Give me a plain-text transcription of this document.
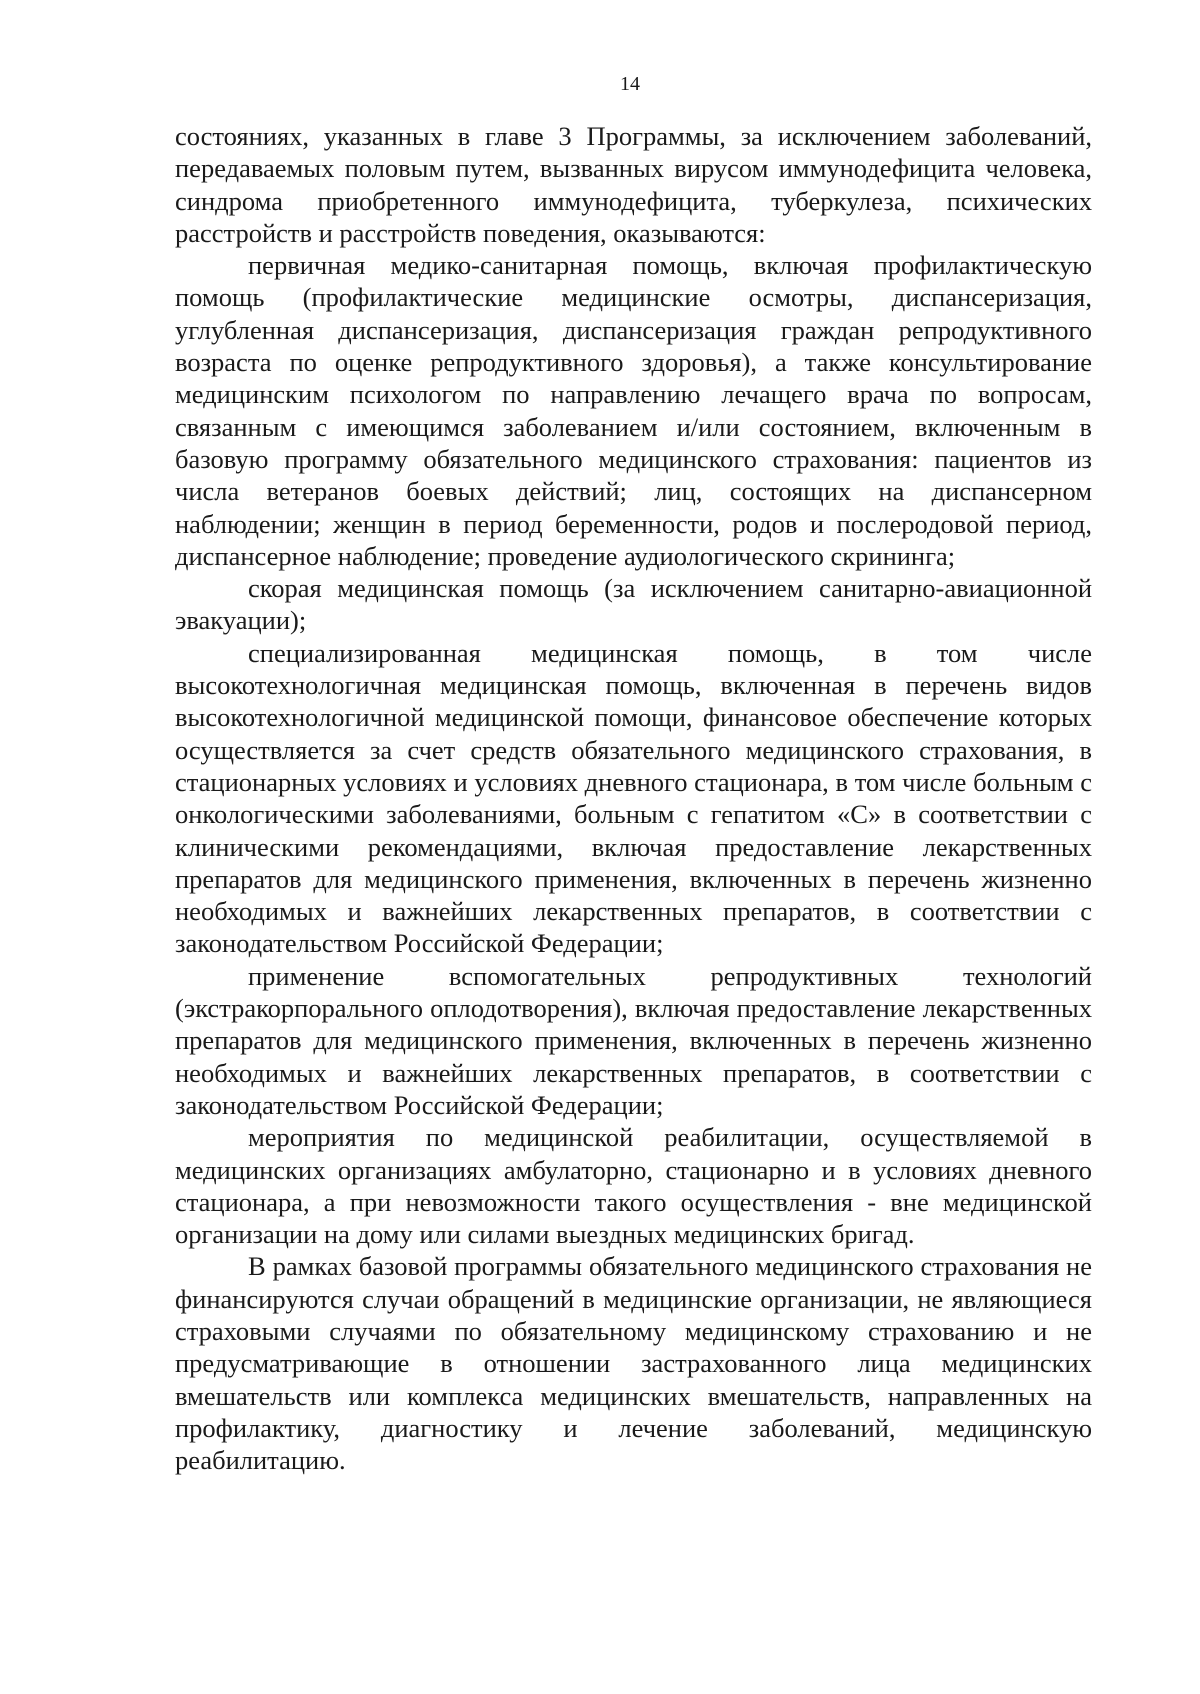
14

состояниях, указанных в главе 3 Программы, за исключением заболеваний, передаваемых половым путем, вызванных вирусом иммунодефицита человека, синдрома приобретенного иммунодефицита, туберкулеза, психических расстройств и расстройств поведения, оказываются:

первичная медико-санитарная помощь, включая профилактическую помощь (профилактические медицинские осмотры, диспансеризация, углубленная диспансеризация, диспансеризация граждан репродуктивного возраста по оценке репродуктивного здоровья), а также консультирование медицинским психологом по направлению лечащего врача по вопросам, связанным с имеющимся заболеванием и/или состоянием, включенным в базовую программу обязательного медицинского страхования: пациентов из числа ветеранов боевых действий; лиц, состоящих на диспансерном наблюдении; женщин в период беременности, родов и послеродовой период, диспансерное наблюдение; проведение аудиологического скрининга;

скорая медицинская помощь (за исключением санитарно-авиационной эвакуации);

специализированная медицинская помощь, в том числе высокотехнологичная медицинская помощь, включенная в перечень видов высокотехнологичной медицинской помощи, финансовое обеспечение которых осуществляется за счет средств обязательного медицинского страхования, в стационарных условиях и условиях дневного стационара, в том числе больным с онкологическими заболеваниями, больным с гепатитом «С» в соответствии с клиническими рекомендациями, включая предоставление лекарственных препаратов для медицинского применения, включенных в перечень жизненно необходимых и важнейших лекарственных препаратов, в соответствии с законодательством Российской Федерации;

применение вспомогательных репродуктивных технологий (экстракорпорального оплодотворения), включая предоставление лекарственных препаратов для медицинского применения, включенных в перечень жизненно необходимых и важнейших лекарственных препаратов, в соответствии с законодательством Российской Федерации;

мероприятия по медицинской реабилитации, осуществляемой в медицинских организациях амбулаторно, стационарно и в условиях дневного стационара, а при невозможности такого осуществления - вне медицинской организации на дому или силами выездных медицинских бригад.

В рамках базовой программы обязательного медицинского страхования не финансируются случаи обращений в медицинские организации, не являющиеся страховыми случаями по обязательному медицинскому страхованию и не предусматривающие в отношении застрахованного лица медицинских вмешательств или комплекса медицинских вмешательств, направленных на профилактику, диагностику и лечение заболеваний, медицинскую реабилитацию.
